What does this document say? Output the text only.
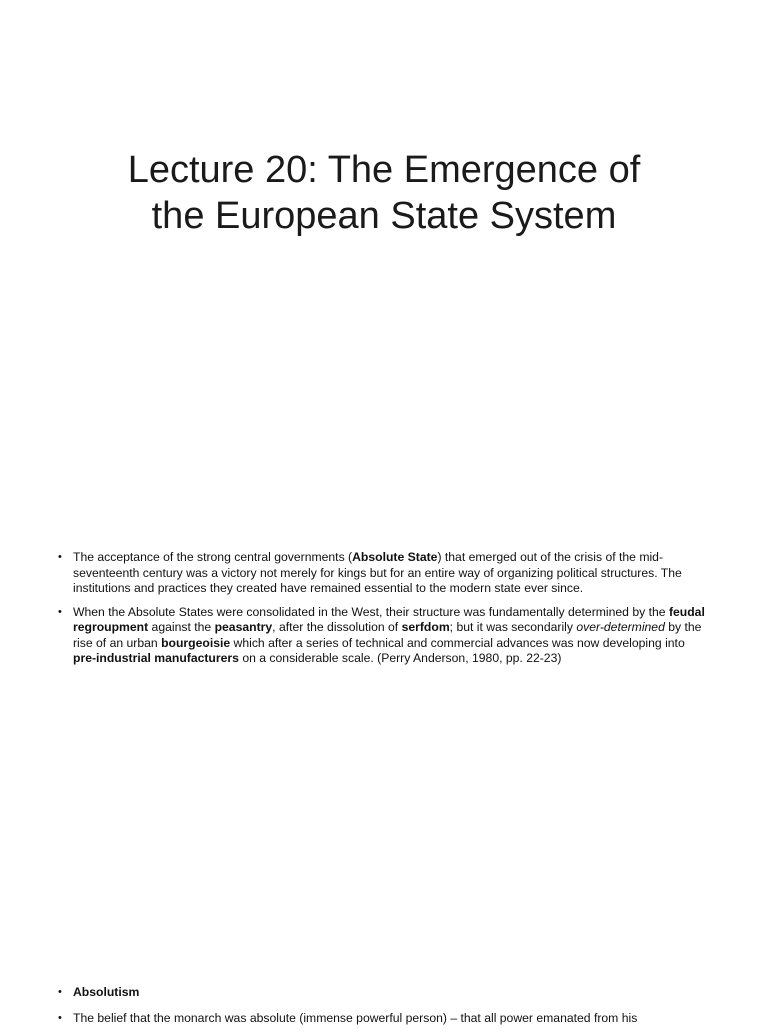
Lecture 20: The Emergence of
the European State System
• The acceptance of the strong central governments (Absolute State) that emerged out of the crisis of the mid-seventeenth century was a victory not merely for kings but for an entire way of organizing political structures. The institutions and practices they created have remained essential to the modern state ever since.
• When the Absolute States were consolidated in the West, their structure was fundamentally determined by the feudal regroupment against the peasantry, after the dissolution of serfdom; but it was secondarily over-determined by the rise of an urban bourgeoisie which after a series of technical and commercial advances was now developing into pre-industrial manufacturers on a considerable scale. (Perry Anderson, 1980, pp. 22-23)
• Absolutism
• The belief that the monarch was absolute (immense powerful person) – that all power emanated from his
